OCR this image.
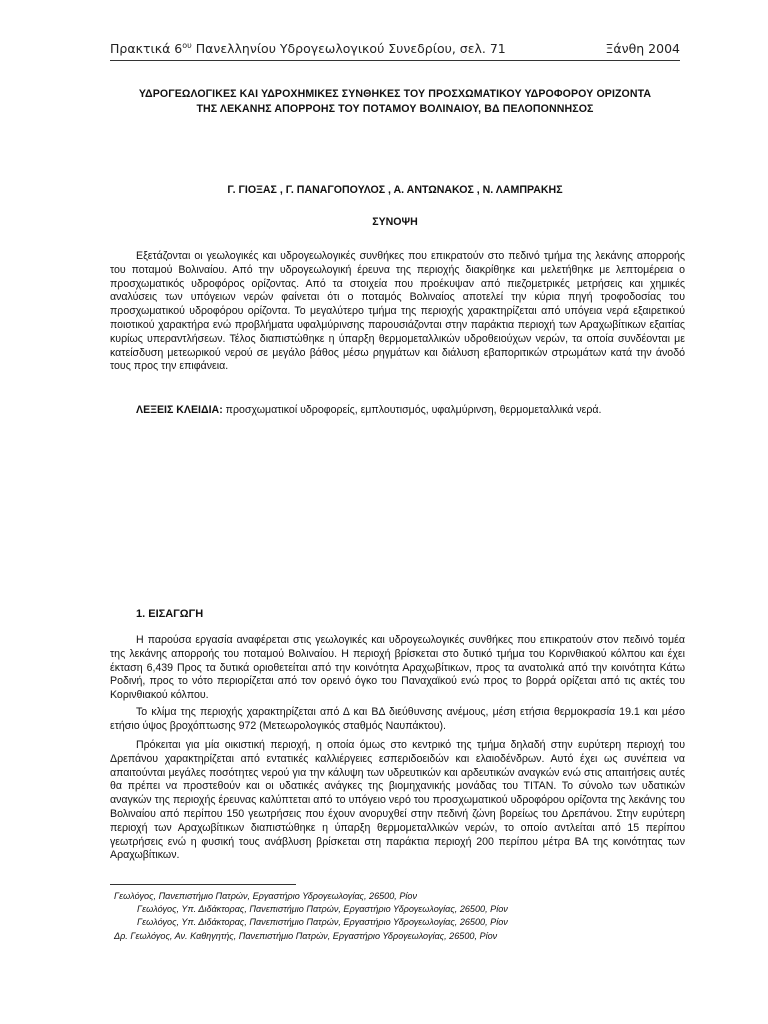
Πρακτικά $6^{o\upsilon}$ Πανελληνίου Υδρογεωλογικού Συνεδρίου, σελ. 71	Ξάνθη 2004
ΥΔΡΟΓΕΩΛΟΓΙΚΕΣ ΚΑΙ ΥΔΡΟΧΗΜΙΚΕΣ ΣΥΝΘΗΚΕΣ ΤΟΥ ΠΡΟΣΧΩΜΑΤΙΚΟΥ ΥΔΡΟΦΟΡΟΥ ΟΡΙΖΟΝΤΑ
ΤΗΣ ΛΕΚΑΝΗΣ ΑΠΟΡΡΟΗΣ ΤΟΥ ΠΟΤΑΜΟΥ ΒΟΛΙΝΑΙΟΥ, ΒΔ ΠΕΛΟΠΟΝΝΗΣΟΣ
Γ. ΓΙΟΞΑΣ , Γ. ΠΑΝΑΓΟΠΟΥΛΟΣ , Α. ΑΝΤΩΝΑΚΟΣ , Ν. ΛΑΜΠΡΑΚΗΣ
ΣΥΝΟΨΗ
Εξετάζονται οι γεωλογικές και υδρογεωλογικές συνθήκες που επικρατούν στο πεδινό τμήμα της λεκάνης απορροής του ποταμού Βολιναίου. Από την υδρογεωλογική έρευνα της περιοχής διακρίθηκε και μελετήθηκε με λεπτομέρεια ο προσχωματικός υδροφόρος ορίζοντας. Από τα στοιχεία που προέκυψαν από πιεζομετρικές μετρήσεις και χημικές αναλύσεις των υπόγειων νερών φαίνεται ότι ο ποταμός Βολιναίος αποτελεί την κύρια πηγή τροφοδοσίας του προσχωματικού υδροφόρου ορίζοντα. Το μεγαλύτερο τμήμα της περιοχής χαρακτηρίζεται από υπόγεια νερά εξαιρετικού ποιοτικού χαρακτήρα ενώ προβλήματα υφαλμύρινσης παρουσιάζονται στην παράκτια περιοχή των Αραχωβίτικων εξαιτίας κυρίως υπεραντλήσεων. Τέλος διαπιστώθηκε η ύπαρξη θερμομεταλλικών υδροθειούχων νερών, τα οποία συνδέονται με κατείσδυση μετεωρικού νερού σε μεγάλο βάθος μέσω ρηγμάτων και διάλυση εβαποριτικών στρωμάτων κατά την άνοδό τους προς την επιφάνεια.
ΛΕΞΕΙΣ ΚΛΕΙΔΙΑ: προσχωματικοί υδροφορείς, εμπλουτισμός, υφαλμύρινση, θερμομεταλλικά νερά.
1. ΕΙΣΑΓΩΓΗ
Η παρούσα εργασία αναφέρεται στις γεωλογικές και υδρογεωλογικές συνθήκες που επικρατούν στον πεδινό τομέα της λεκάνης απορροής του ποταμού Βολιναίου. Η περιοχή βρίσκεται στο δυτικό τμήμα του Κορινθιακού κόλπου και έχει έκταση 6,439 Προς τα δυτικά οριοθετείται από την κοινότητα Αραχωβίτικων, προς τα ανατολικά από την κοινότητα Κάτω Ροδινή, προς το νότο περιορίζεται από τον ορεινό όγκο του Παναχαϊκού ενώ προς το βορρά ορίζεται από τις ακτές του Κορινθιακού κόλπου.
Το κλίμα της περιοχής χαρακτηρίζεται από Δ και ΒΔ διεύθυνσης ανέμους, μέση ετήσια θερμοκρασία 19.1 και μέσο ετήσιο ύψος βροχόπτωσης 972 (Μετεωρολογικός σταθμός Ναυπάκτου).
Πρόκειται για μία οικιστική περιοχή, η οποία όμως στο κεντρικό της τμήμα δηλαδή στην ευρύτερη περιοχή του Δρεπάνου χαρακτηρίζεται από εντατικές καλλιέργειες εσπεριδοειδών και ελαιοδένδρων. Αυτό έχει ως συνέπεια να απαιτούνται μεγάλες ποσότητες νερού για την κάλυψη των υδρευτικών και αρδευτικών αναγκών ενώ στις απαιτήσεις αυτές θα πρέπει να προστεθούν και οι υδατικές ανάγκες της βιομηχανικής μονάδας του ΤΙΤΑΝ. Το σύνολο των υδατικών αναγκών της περιοχής έρευνας καλύπτεται από το υπόγειο νερό του προσχωματικού υδροφόρου ορίζοντα της λεκάνης του Βολιναίου από περίπου 150 γεωτρήσεις που έχουν ανορυχθεί στην πεδινή ζώνη βορείως του Δρεπάνου. Στην ευρύτερη περιοχή των Αραχωβίτικων διαπιστώθηκε η ύπαρξη θερμομεταλλικών νερών, το οποίο αντλείται από 15 περίπου γεωτρήσεις ενώ η φυσική τους ανάβλυση βρίσκεται στη παράκτια περιοχή 200 περίπου μέτρα ΒΑ της κοινότητας των Αραχωβίτικων.
Γεωλόγος, Πανεπιστήμιο Πατρών, Εργαστήριο Υδρογεωλογίας, 26500, Ρίον
Γεωλόγος, Υπ. Διδάκτορας, Πανεπιστήμιο Πατρών, Εργαστήριο Υδρογεωλογίας, 26500, Ρίον
Γεωλόγος, Υπ. Διδάκτορας, Πανεπιστήμιο Πατρών, Εργαστήριο Υδρογεωλογίας, 26500, Ρίον
Δρ. Γεωλόγος, Αν. Καθηγητής, Πανεπιστήμιο Πατρών, Εργαστήριο Υδρογεωλογίας, 26500, Ρίον
